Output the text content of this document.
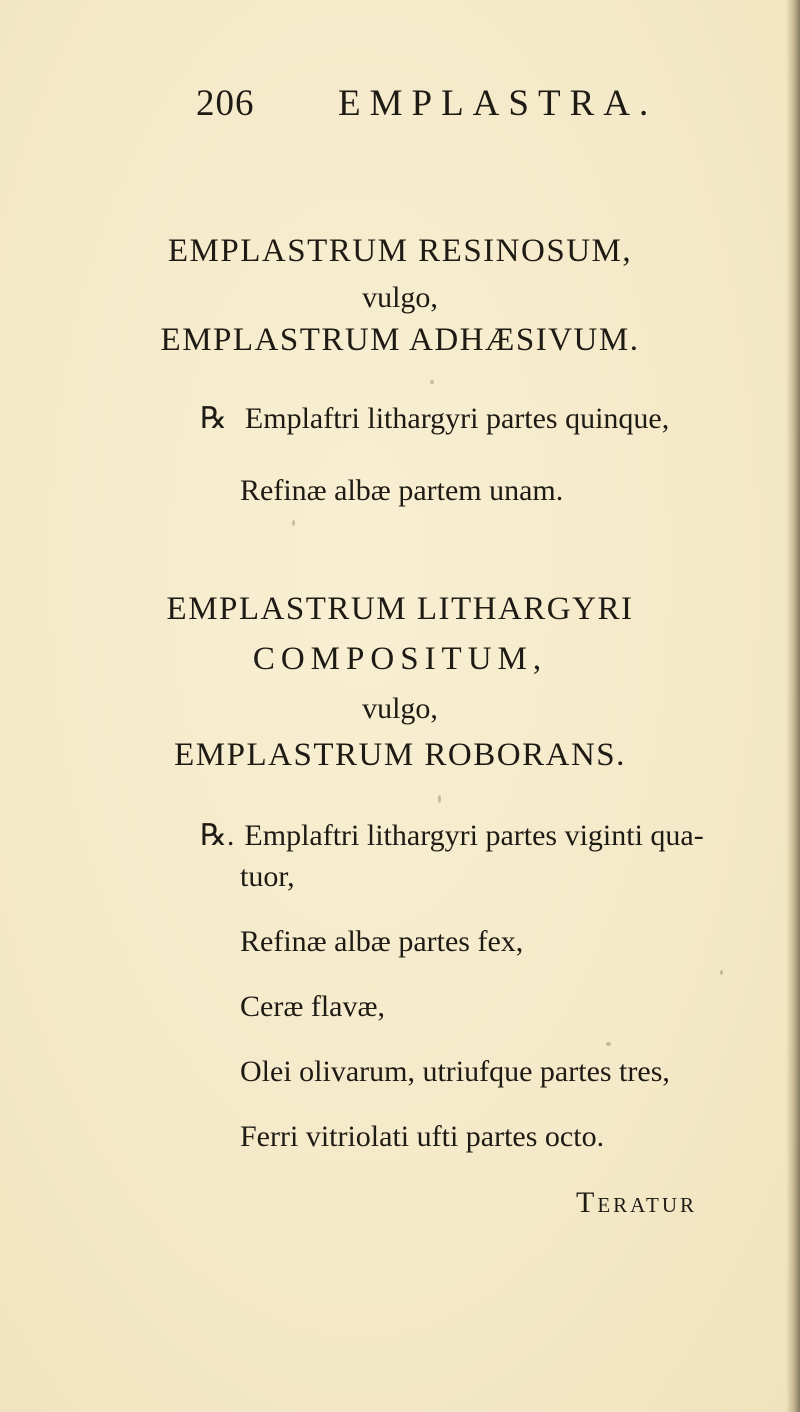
206 EMPLASTRA.
EMPLASTRUM RESINOSUM,
vulgo,
EMPLASTRUM ADHÆSIVUM.
℞ Emplaftri lithargyri partes quinque,
Refinæ albæ partem unam.
EMPLASTRUM LITHARGYRI
COMPOSITUM,
vulgo,
EMPLASTRUM ROBORANS.
℞. Emplaftri lithargyri partes viginti qua-
tuor,
Refinæ albæ partes fex,
Ceræ flavæ,
Olei olivarum, utriufque partes tres,
Ferri vitriolati ufti partes octo.
Teratur
